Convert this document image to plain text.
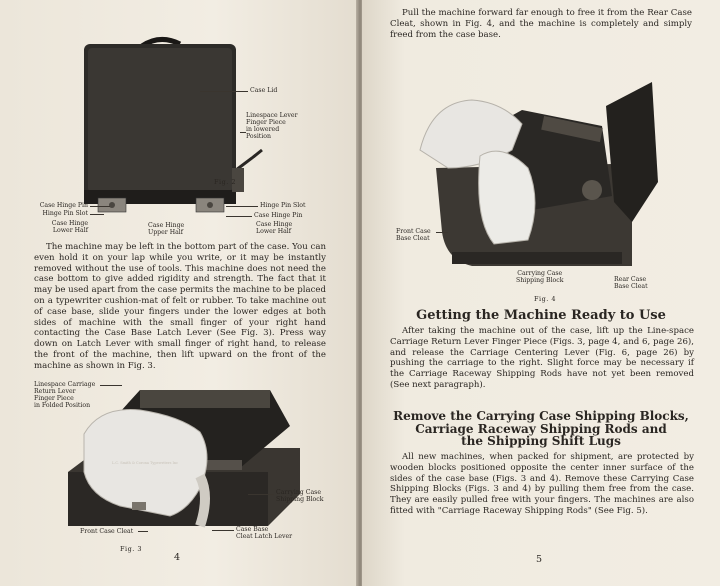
Case Lid
Linespace Lever
Finger Piece
in lowered
Position
Case Hinge Pin
Hinge Pin Slot
Case Hinge
Lower Half
Case Hinge
Upper Half
Hinge Pin Slot
Case Hinge Pin
Case Hinge
Lower Half
Fig. 2

The machine may be left in the bottom part of the case. You can even hold it on your lap while you write, or it may be instantly removed without the use of tools. This machine does not need the case bottom to give added rigidity and strength. The fact that it may be used apart from the case permits the machine to be placed on a typewriter cushion-mat of felt or rubber. To take machine out of case base, slide your fingers under the lower edges at both sides of machine with the small finger of your right hand contacting the Case Base Latch Lever (See Fig. 3). Press way down on Latch Lever with small finger of right hand, to release the front of the machine, then lift upward on the front of the machine as shown in Fig. 3.

L.C. Smith & Corona Typewriters Inc
Linespace Carriage
Return Lever
Finger Piece
in Folded Position
Carrying Case
Shipping Block
Front Case Cleat	Case Base
Cleat Latch Lever
Fig. 3
4

Pull the machine forward far enough to free it from the Rear Case Cleat, shown in Fig. 4, and the machine is completely and simply freed from the case base.

Front Case
Base Cleat
Carrying Case
Shipping Block	Rear Case
Base Cleat
Fig. 4
Getting the Machine Ready to Use

After taking the machine out of the case, lift up the Line-space Carriage Return Lever Finger Piece (Figs. 3, page 4, and 6, page 26), and release the Carriage Centering Lever (Fig. 6, page 26) by pushing the carriage to the right. Slight force may be necessary if the Carriage Raceway Shipping Rods have not yet been removed (See next paragraph).

Remove the Carrying Case Shipping Blocks,
Carriage Raceway Shipping Rods and
the Shipping Shift Lugs

All new machines, when packed for shipment, are protected by wooden blocks positioned opposite the center inner surface of the sides of the case base (Figs. 3 and 4). Remove these Carrying Case Shipping Blocks (Figs. 3 and 4) by pulling them free from the case. They are easily pulled free with your fingers. The machines are also fitted with "Carriage Raceway Shipping Rods" (See Fig. 5).

5
